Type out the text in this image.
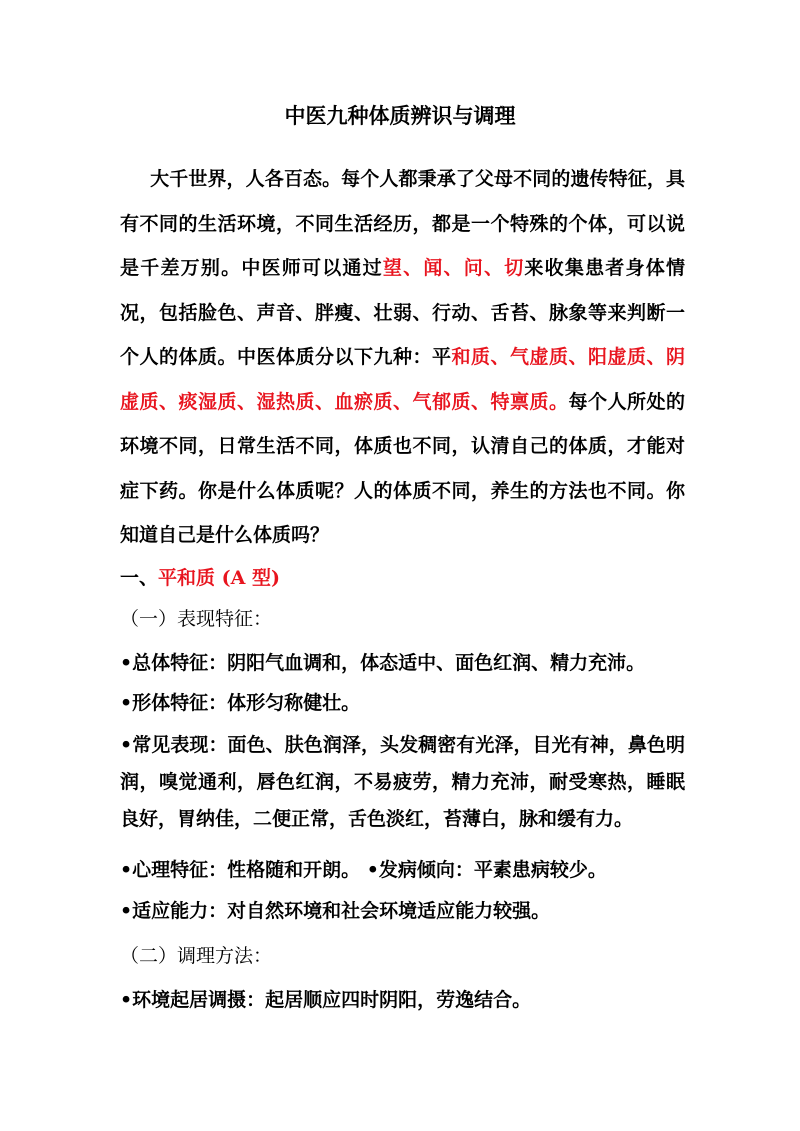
中医九种体质辨识与调理
大千世界，人各百态。每个人都秉承了父母不同的遗传特征，具有不同的生活环境，不同生活经历，都是一个特殊的个体，可以说是千差万别。中医师可以通过望、闻、问、切来收集患者身体情况，包括脸色、声音、胖瘦、壮弱、行动、舌苔、脉象等来判断一个人的体质。中医体质分以下九种：平和质、气虚质、阳虚质、阴虚质、痰湿质、湿热质、血瘀质、气郁质、特禀质。每个人所处的环境不同，日常生活不同，体质也不同，认清自己的体质，才能对症下药。你是什么体质呢？人的体质不同，养生的方法也不同。你知道自己是什么体质吗？
一、平和质 (A 型)
（一）表现特征：
•总体特征：阴阳气血调和，体态适中、面色红润、精力充沛。
•形体特征：体形匀称健壮。
•常见表现：面色、肤色润泽，头发稠密有光泽，目光有神，鼻色明润，嗅觉通利，唇色红润，不易疲劳，精力充沛，耐受寒热，睡眠良好，胃纳佳，二便正常，舌色淡红，苔薄白，脉和缓有力。
•心理特征：性格随和开朗。 •发病倾向：平素患病较少。
•适应能力：对自然环境和社会环境适应能力较强。
（二）调理方法：
•环境起居调摄：起居顺应四时阴阳，劳逸结合。
